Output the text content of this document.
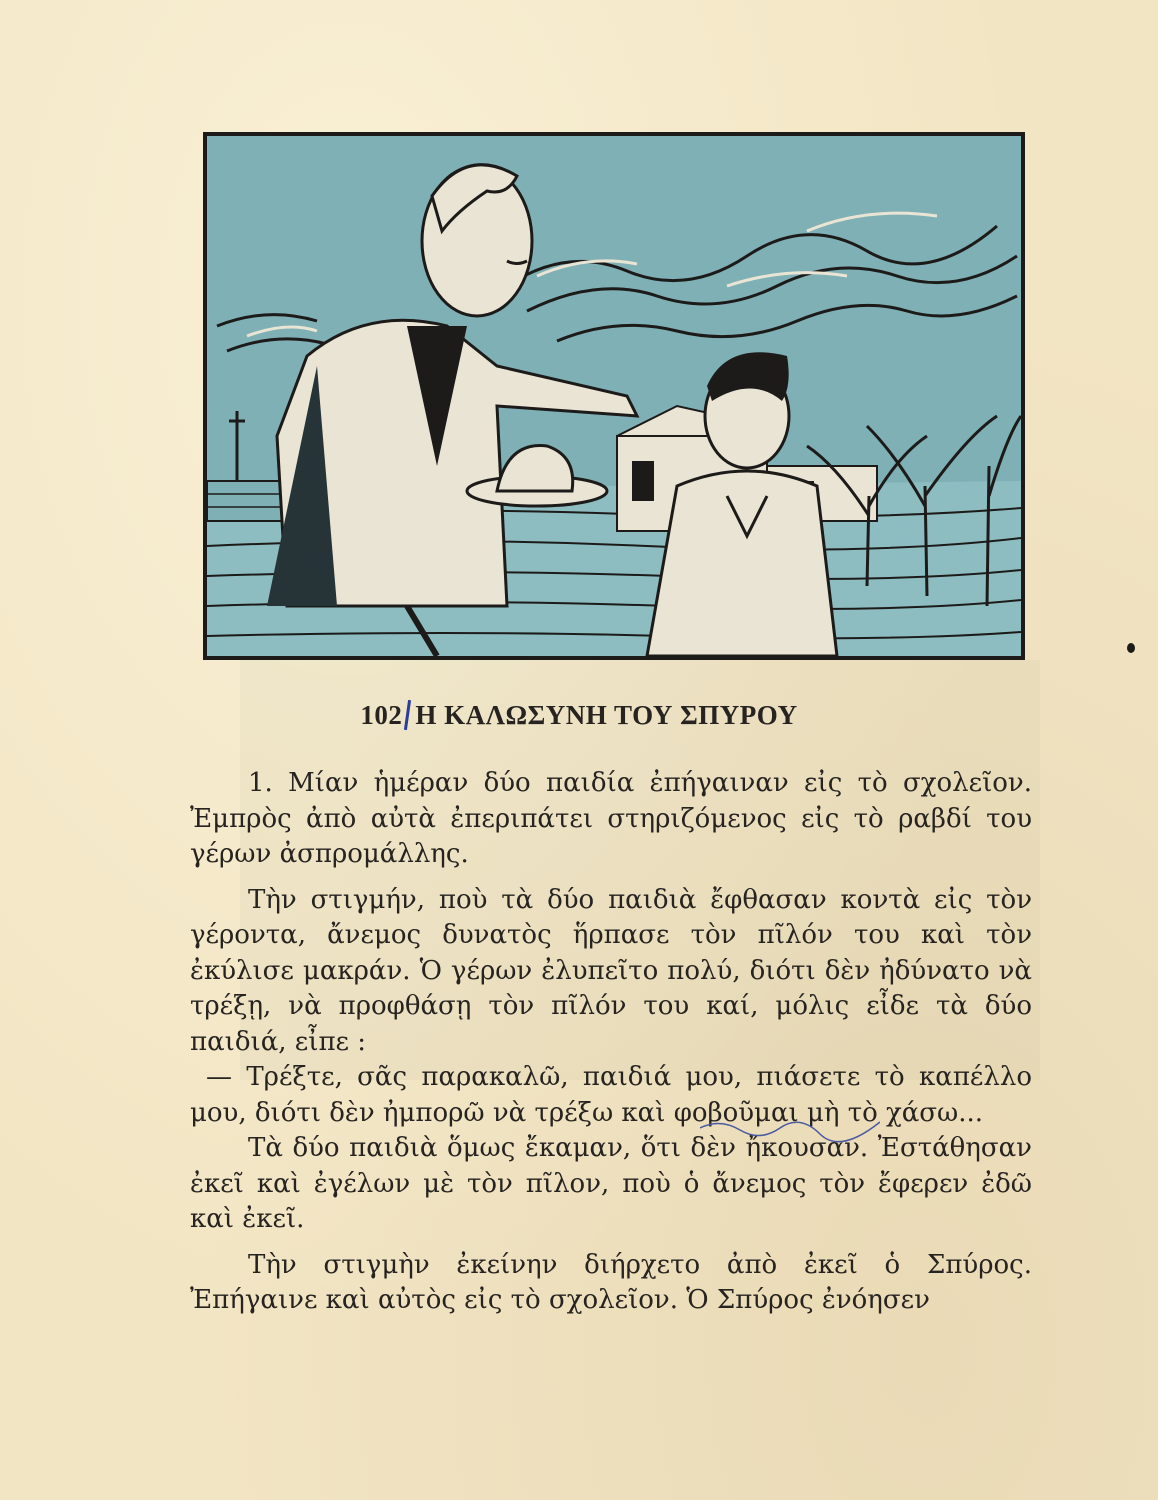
102 Η ΚΑΛΩΣΥΝΗ ΤΟΥ ΣΠΥΡΟΥ

1. Μίαν ἡμέραν δύο παιδία ἐπήγαιναν εἰς τὸ σχολεῖον. Ἐμπρὸς ἀπὸ αὐτὰ ἐπεριπάτει στηριζόμενος εἰς τὸ ραβδί του γέρων ἀσπρομάλλης.

Τὴν στιγμήν, ποὺ τὰ δύο παιδιὰ ἔφθασαν κοντὰ εἰς τὸν γέροντα, ἄνεμος δυνατὸς ἥρπασε τὸν πῖλόν του καὶ τὸν ἐκύλισε μακράν. Ὁ γέρων ἐλυπεῖτο πολύ, διότι δὲν ἠδύνατο νὰ τρέξῃ, νὰ προφθάσῃ τὸν πῖλόν του καί, μόλις εἶδε τὰ δύο παιδιά, εἶπε :

— Τρέξτε, σᾶς παρακαλῶ, παιδιά μου, πιάσετε τὸ καπέλλο μου, διότι δὲν ἠμπορῶ νὰ τρέξω καὶ φοβοῦμαι μὴ τὸ χάσω...

Τὰ δύο παιδιὰ ὅμως ἔκαμαν, ὅτι δὲν ἤκουσαν. Ἐστάθησαν ἐκεῖ καὶ ἐγέλων μὲ τὸν πῖλον, ποὺ ὁ ἄνεμος τὸν ἔφερεν ἐδῶ καὶ ἐκεῖ.

Τὴν στιγμὴν ἐκείνην διήρχετο ἀπὸ ἐκεῖ ὁ Σπύρος. Ἐπήγαινε καὶ αὐτὸς εἰς τὸ σχολεῖον. Ὁ Σπύρος ἐνόησεν
